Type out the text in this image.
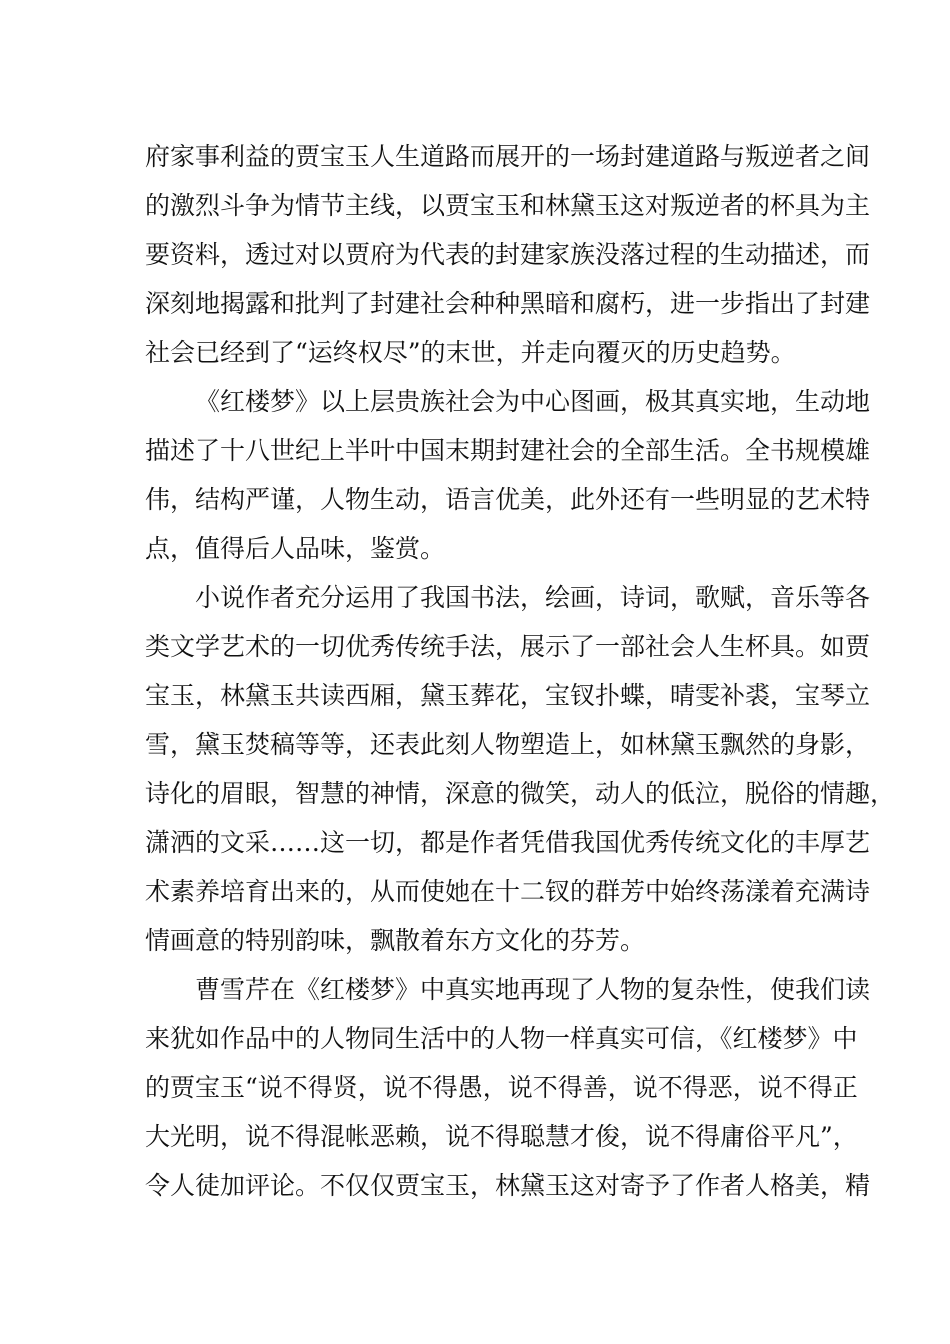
府家事利益的贾宝玉人生道路而展开的一场封建道路与叛逆者之间
的激烈斗争为情节主线，以贾宝玉和林黛玉这对叛逆者的杯具为主
要资料，透过对以贾府为代表的封建家族没落过程的生动描述，而
深刻地揭露和批判了封建社会种种黑暗和腐朽，进一步指出了封建
社会已经到了“运终权尽”的末世，并走向覆灭的历史趋势。
《红楼梦》以上层贵族社会为中心图画，极其真实地，生动地
描述了十八世纪上半叶中国末期封建社会的全部生活。全书规模雄
伟，结构严谨，人物生动，语言优美，此外还有一些明显的艺术特
点，值得后人品味，鉴赏。
小说作者充分运用了我国书法，绘画，诗词，歌赋，音乐等各
类文学艺术的一切优秀传统手法，展示了一部社会人生杯具。如贾
宝玉，林黛玉共读西厢，黛玉葬花，宝钗扑蝶，晴雯补裘，宝琴立
雪，黛玉焚稿等等，还表此刻人物塑造上，如林黛玉飘然的身影，
诗化的眉眼，智慧的神情，深意的微笑，动人的低泣，脱俗的情趣，
潇洒的文采……这一切，都是作者凭借我国优秀传统文化的丰厚艺
术素养培育出来的，从而使她在十二钗的群芳中始终荡漾着充满诗
情画意的特别韵味，飘散着东方文化的芬芳。
曹雪芹在《红楼梦》中真实地再现了人物的复杂性，使我们读
来犹如作品中的人物同生活中的人物一样真实可信，《红楼梦》中
的贾宝玉“说不得贤，说不得愚，说不得善，说不得恶，说不得正
大光明，说不得混帐恶赖，说不得聪慧才俊，说不得庸俗平凡”，
令人徒加评论。不仅仅贾宝玉，林黛玉这对寄予了作者人格美，精
